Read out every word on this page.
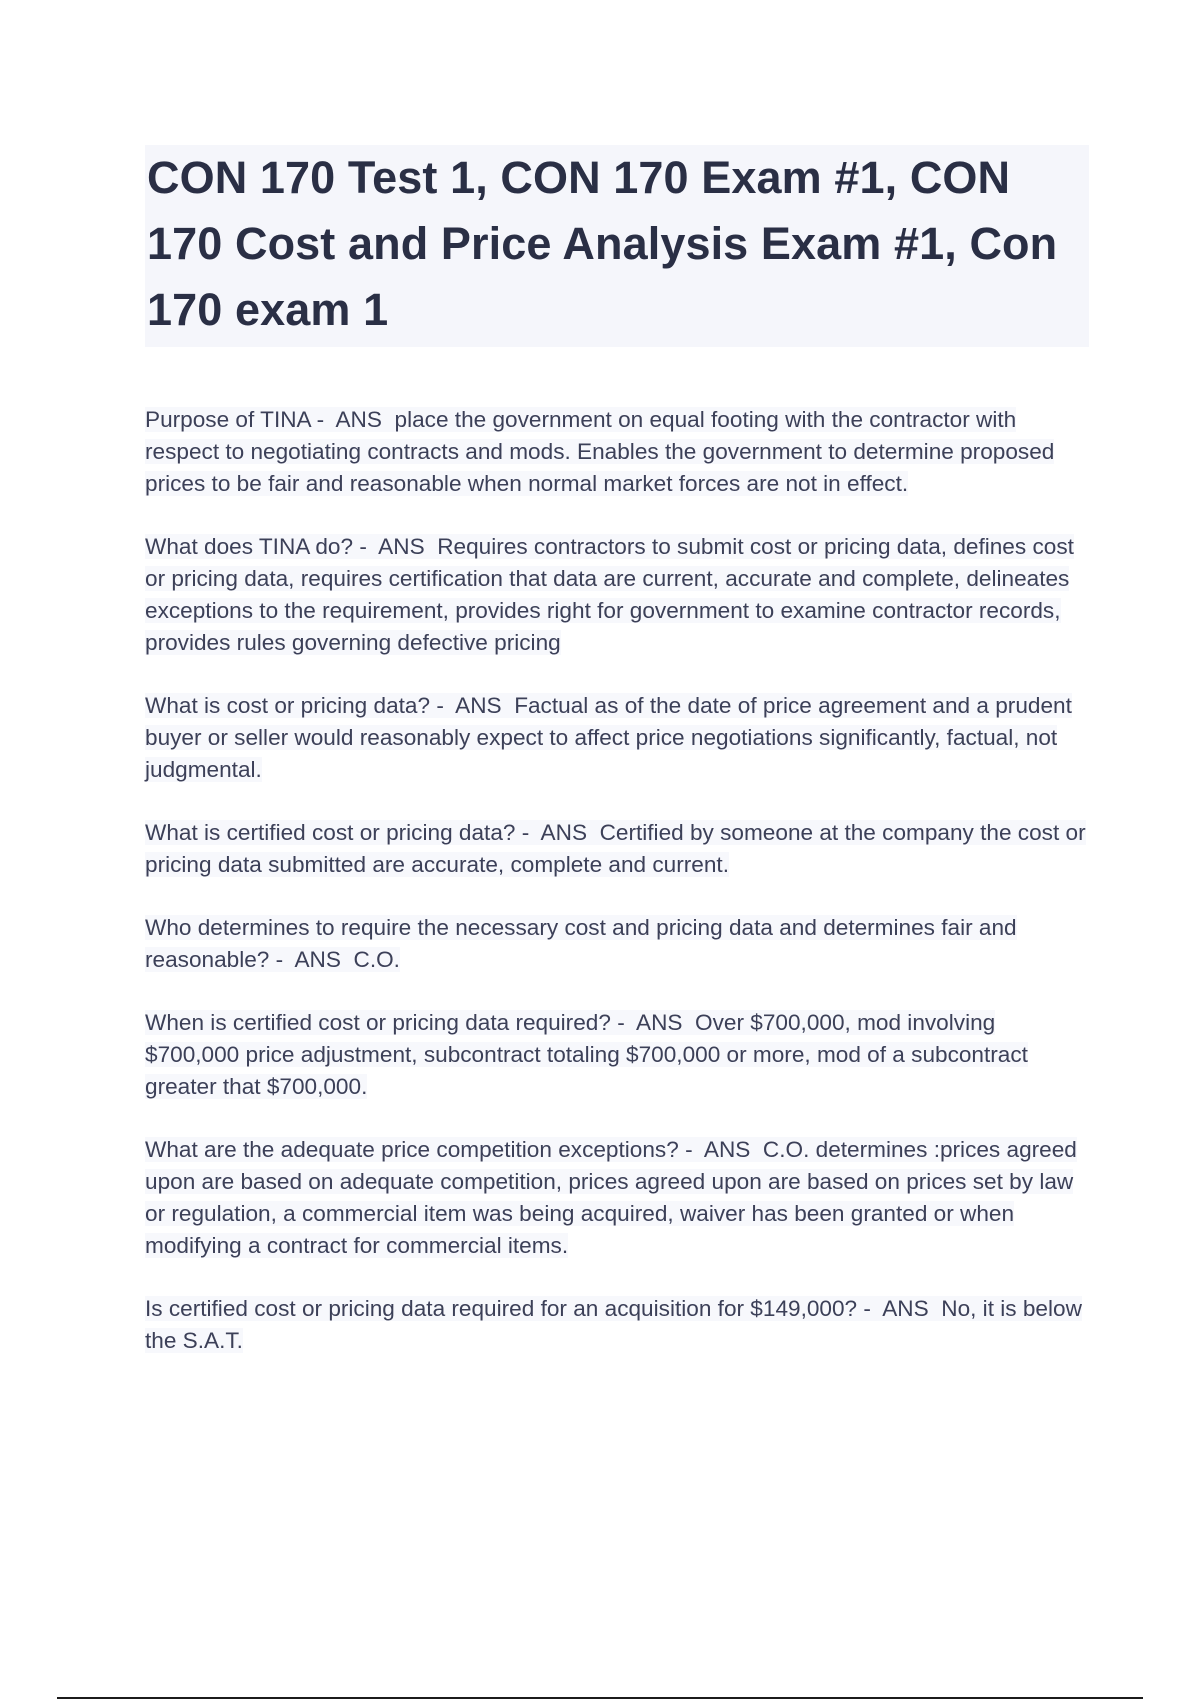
CON 170 Test 1, CON 170 Exam #1, CON 170 Cost and Price Analysis Exam #1, Con 170 exam 1
Purpose of TINA -  ANS  place the government on equal footing with the contractor with respect to negotiating contracts and mods. Enables the government to determine proposed prices to be fair and reasonable when normal market forces are not in effect.
What does TINA do? -  ANS  Requires contractors to submit cost or pricing data, defines cost or pricing data, requires certification that data are current, accurate and complete, delineates exceptions to the requirement, provides right for government to examine contractor records, provides rules governing defective pricing
What is cost or pricing data? -  ANS  Factual as of the date of price agreement and a prudent buyer or seller would reasonably expect to affect price negotiations significantly, factual, not judgmental.
What is certified cost or pricing data? -  ANS  Certified by someone at the company the cost or pricing data submitted are accurate, complete and current.
Who determines to require the necessary cost and pricing data and determines fair and reasonable? -  ANS  C.O.
When is certified cost or pricing data required? -  ANS  Over $700,000, mod involving $700,000 price adjustment, subcontract totaling $700,000 or more, mod of a subcontract greater that $700,000.
What are the adequate price competition exceptions? -  ANS  C.O. determines :prices agreed upon are based on adequate competition, prices agreed upon are based on prices set by law or regulation, a commercial item was being acquired, waiver has been granted or when modifying a contract for commercial items.
Is certified cost or pricing data required for an acquisition for $149,000? -  ANS  No, it is below the S.A.T.
